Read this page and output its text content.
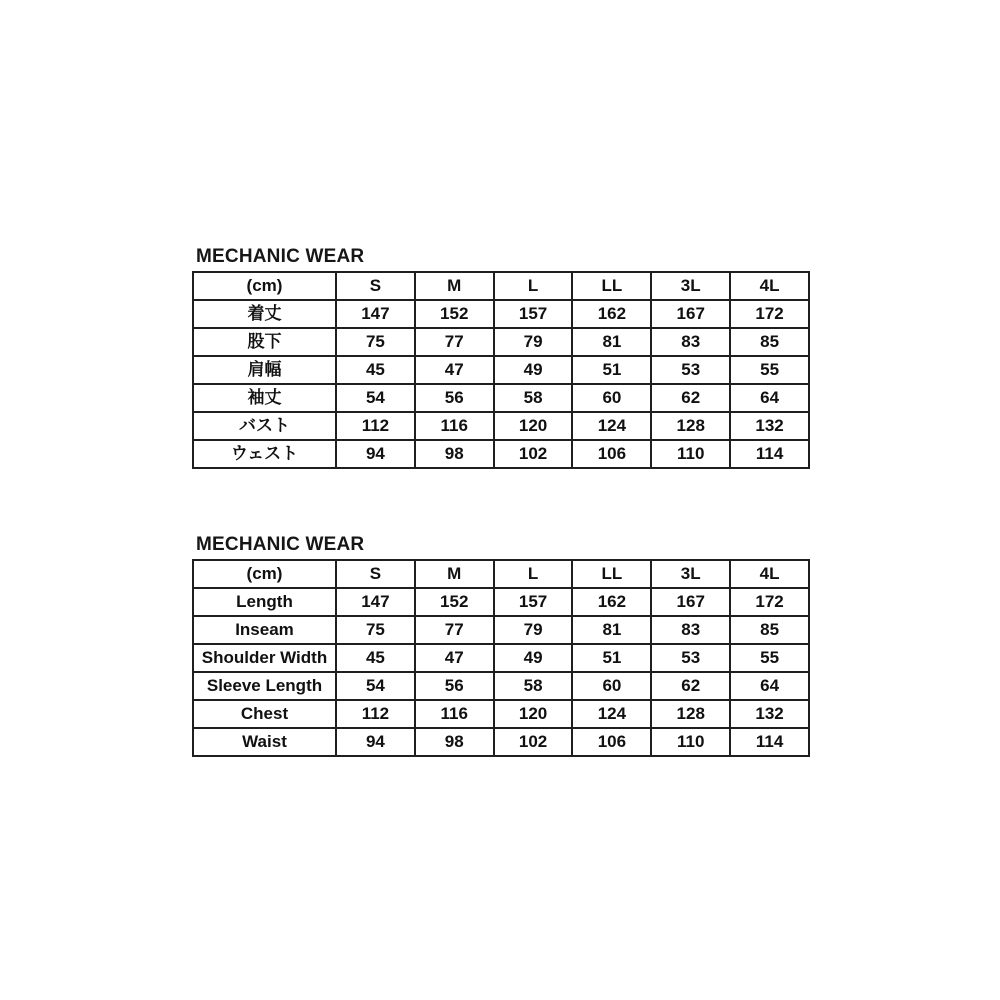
MECHANIC WEAR
(cm)	S	M	L	LL	3L	4L
着丈	147	152	157	162	167	172
股下	75	77	79	81	83	85
肩幅	45	47	49	51	53	55
袖丈	54	56	58	60	62	64
バスト	112	116	120	124	128	132
ウェスト	94	98	102	106	110	114
MECHANIC WEAR
(cm)	S	M	L	LL	3L	4L
Length	147	152	157	162	167	172
Inseam	75	77	79	81	83	85
Shoulder Width	45	47	49	51	53	55
Sleeve Length	54	56	58	60	62	64
Chest	112	116	120	124	128	132
Waist	94	98	102	106	110	114
